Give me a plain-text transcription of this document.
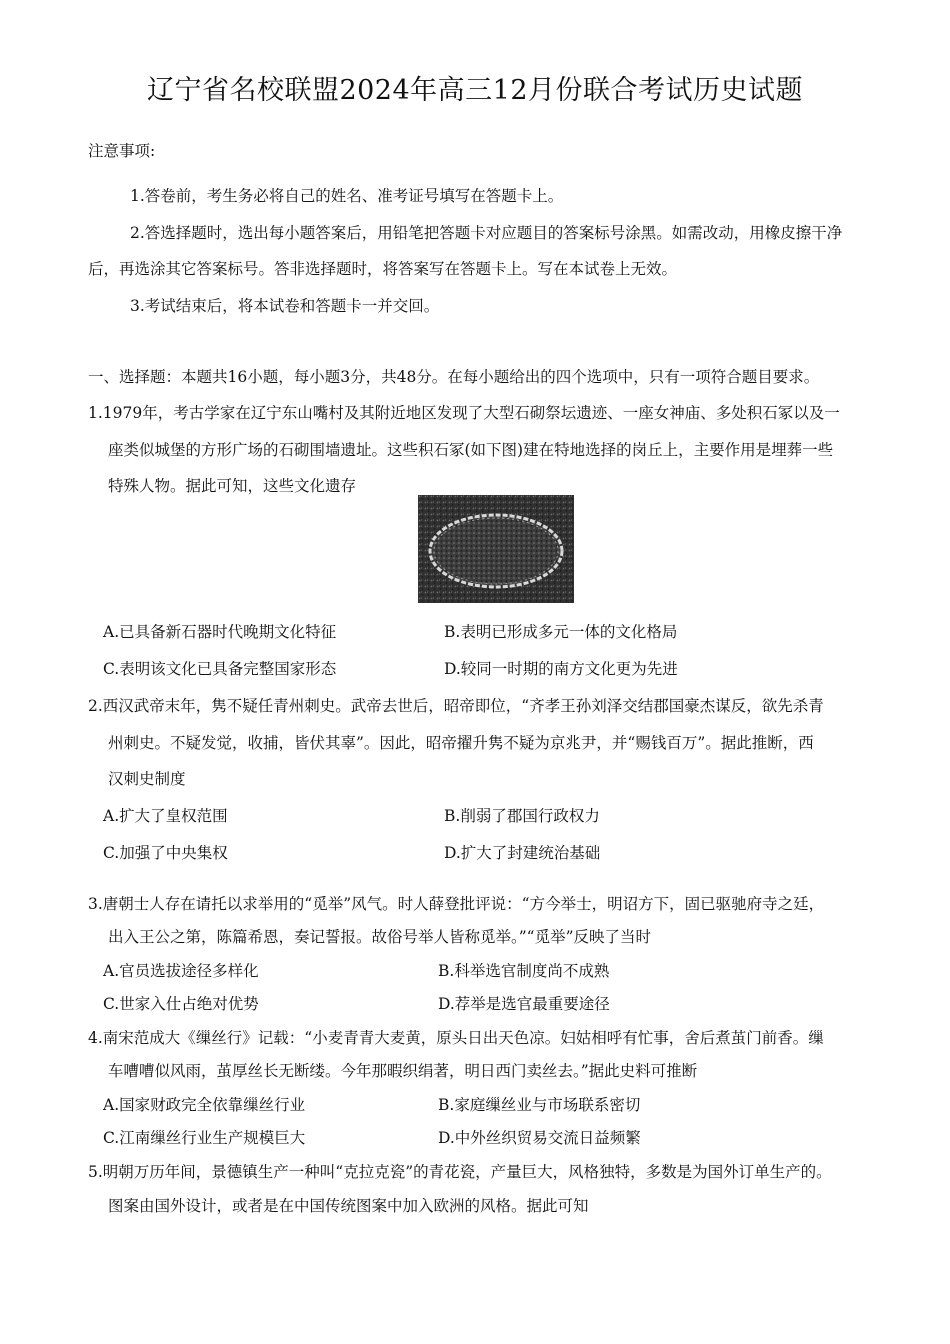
辽宁省名校联盟2024年高三12月份联合考试历史试题
注意事项:
1.答卷前，考生务必将自己的姓名、准考证号填写在答题卡上。
2.答选择题时，选出每小题答案后，用铅笔把答题卡对应题目的答案标号涂黑。如需改动，用橡皮擦干净
后，再选涂其它答案标号。答非选择题时，将答案写在答题卡上。写在本试卷上无效。
3.考试结束后，将本试卷和答题卡一并交回。
一、选择题：本题共16小题，每小题3分，共48分。在每小题给出的四个选项中，只有一项符合题目要求。
1.1979年，考古学家在辽宁东山嘴村及其附近地区发现了大型石砌祭坛遗迹、一座女神庙、多处积石冢以及一
座类似城堡的方形广场的石砌围墙遗址。这些积石冢(如下图)建在特地选择的岗丘上，主要作用是埋葬一些
特殊人物。据此可知，这些文化遗存
A.已具备新石器时代晚期文化特征	B.表明已形成多元一体的文化格局
C.表明该文化已具备完整国家形态	D.较同一时期的南方文化更为先进
2.西汉武帝末年，隽不疑任青州刺史。武帝去世后，昭帝即位，“齐孝王孙刘泽交结郡国豪杰谋反，欲先杀青
州刺史。不疑发觉，收捕，皆伏其辜”。因此，昭帝擢升隽不疑为京兆尹，并“赐钱百万”。据此推断，西
汉刺史制度
A.扩大了皇权范围	B.削弱了郡国行政权力
C.加强了中央集权	D.扩大了封建统治基础
3.唐朝士人存在请托以求举用的“觅举”风气。时人薛登批评说：“方今举士，明诏方下，固已驱驰府寺之廷，
出入王公之第，陈篇希恩，奏记誓报。故俗号举人皆称觅举。”“觅举”反映了当时
A.官员选拔途径多样化	B.科举选官制度尚不成熟
C.世家入仕占绝对优势	D.荐举是选官最重要途径
4.南宋范成大《缫丝行》记载：“小麦青青大麦黄，原头日出天色凉。妇姑相呼有忙事，舍后煮茧门前香。缫
车嘈嘈似风雨，茧厚丝长无断缕。今年那暇织绢著，明日西门卖丝去。”据此史料可推断
A.国家财政完全依靠缫丝行业	B.家庭缫丝业与市场联系密切
C.江南缫丝行业生产规模巨大	D.中外丝织贸易交流日益频繁
5.明朝万历年间，景德镇生产一种叫“克拉克瓷”的青花瓷，产量巨大，风格独特，多数是为国外订单生产的。
图案由国外设计，或者是在中国传统图案中加入欧洲的风格。据此可知
